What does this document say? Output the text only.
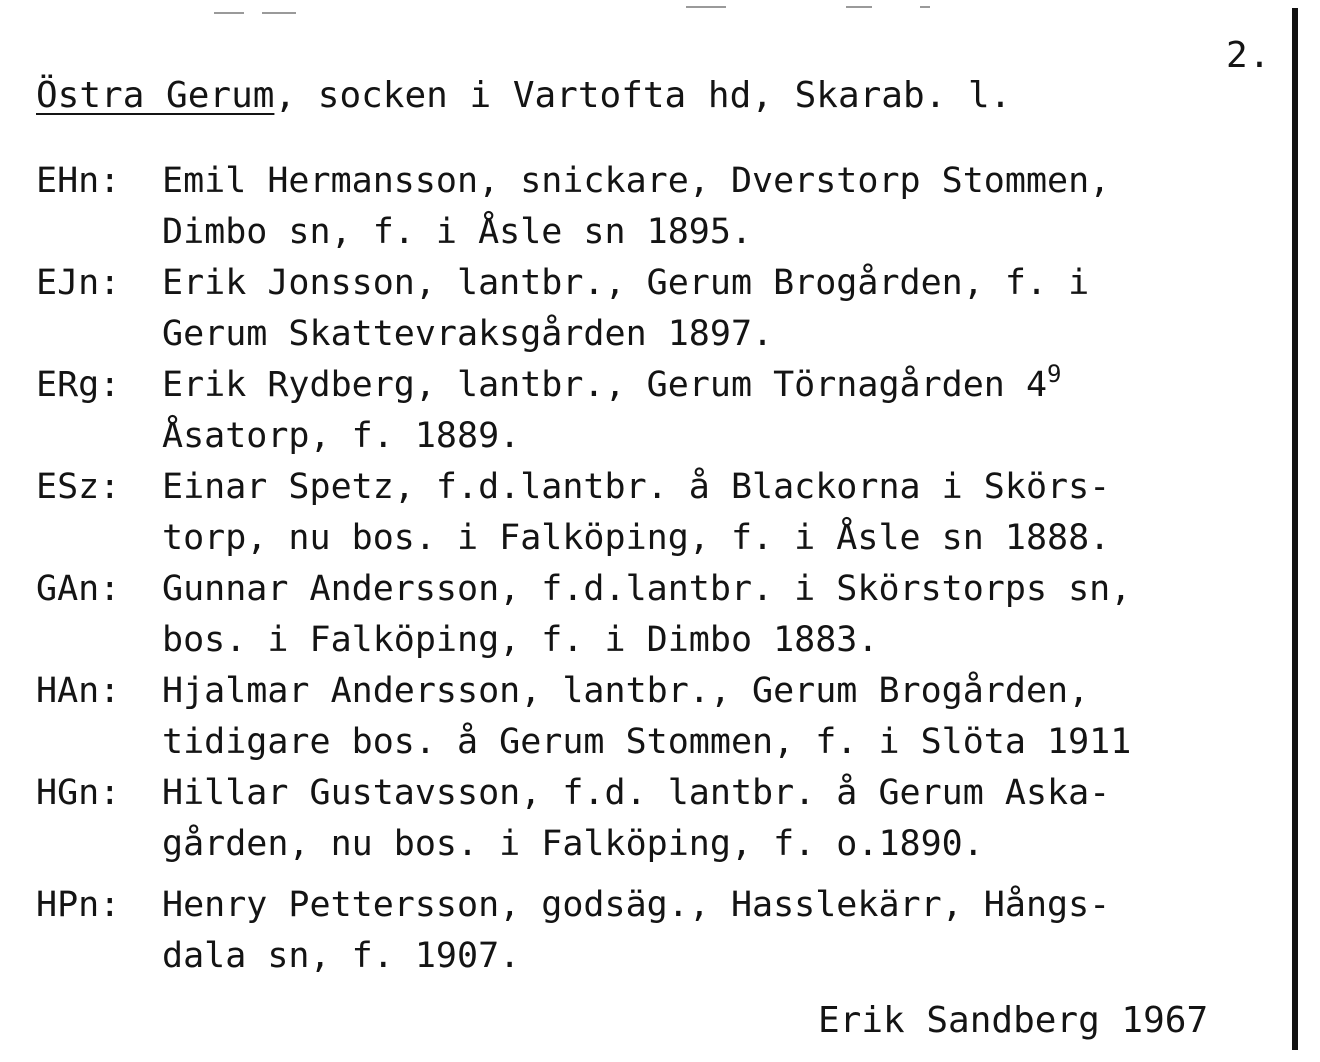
2.
Östra Gerum, socken i Vartofta hd, Skarab. l.
EHn:	Emil Hermansson, snickare, Dverstorp Stommen,
Dimbo sn, f. i Åsle sn 1895.
EJn:	Erik Jonsson, lantbr., Gerum Brogården, f. i
Gerum Skattevraksgården 1897.
ERg:	Erik Rydberg, lantbr., Gerum Törnagården $4^9$
Åsatorp, f. 1889.
ESz:	Einar Spetz, f.d.lantbr. å Blackorna i Skörs-
torp, nu bos. i Falköping, f. i Åsle sn 1888.
GAn:	Gunnar Andersson, f.d.lantbr. i Skörstorps sn,
bos. i Falköping, f. i Dimbo 1883.
HAn:	Hjalmar Andersson, lantbr., Gerum Brogården,
tidigare bos. å Gerum Stommen, f. i Slöta 1911
HGn:	Hillar Gustavsson, f.d. lantbr. å Gerum Aska-
gården, nu bos. i Falköping, f. o.1890.
HPn:	Henry Pettersson, godsäg., Hasslekärr, Hångs-
dala sn, f. 1907.
Erik Sandberg 1967
